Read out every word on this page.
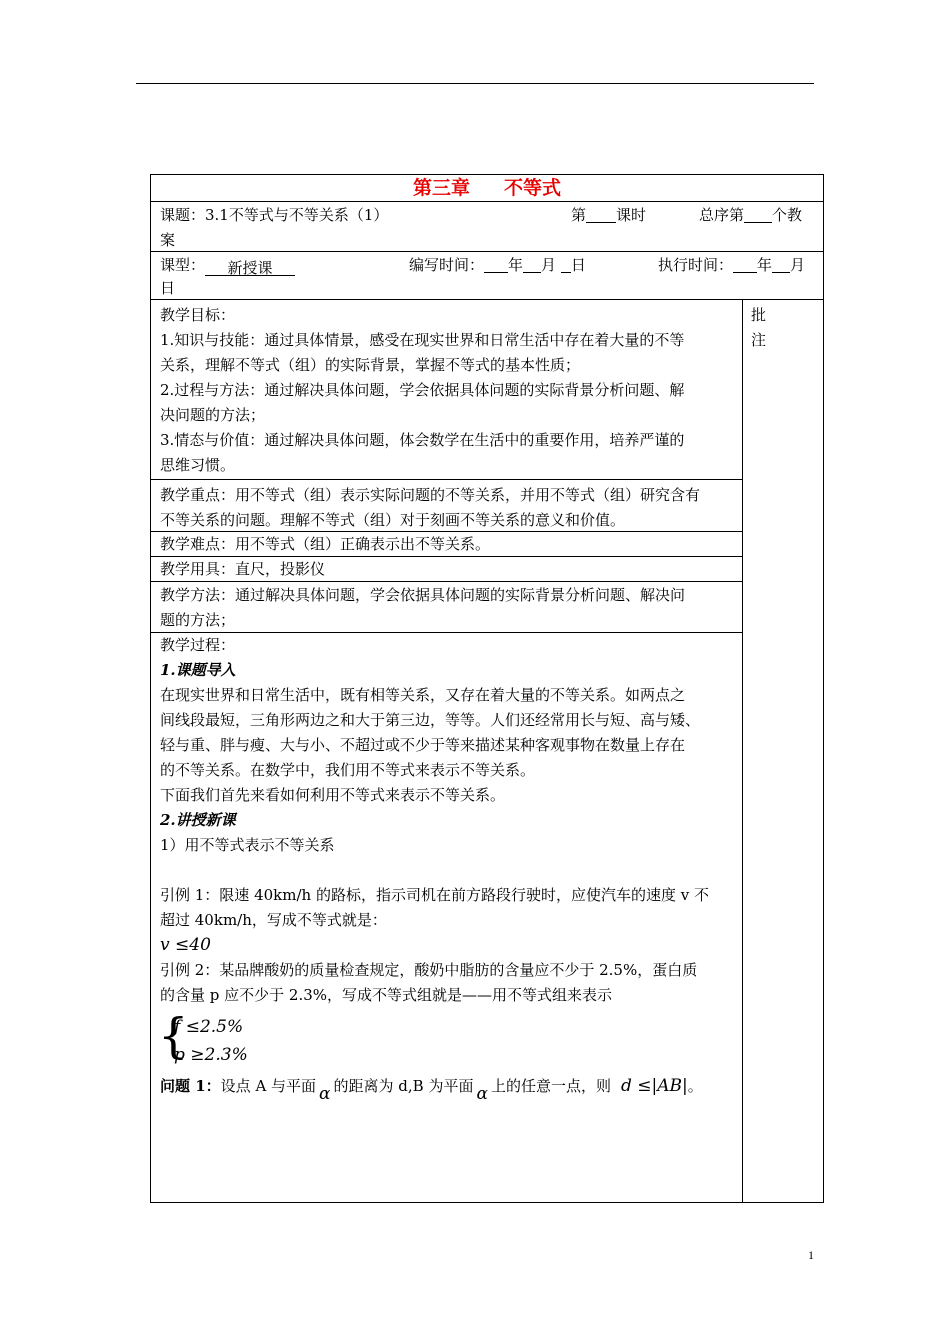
第三章 不等式
课题：3.1不等式与不等关系（1）	第 课时	总序第 个教
案
课型： 新授课	编写时间： 年 月 日	执行时间： 年 月
日
批
注
教学目标：
1.知识与技能：通过具体情景，感受在现实世界和日常生活中存在着大量的不等
关系，理解不等式（组）的实际背景，掌握不等式的基本性质；
2.过程与方法：通过解决具体问题，学会依据具体问题的实际背景分析问题、解
决问题的方法；
3.情态与价值：通过解决具体问题，体会数学在生活中的重要作用，培养严谨的
思维习惯。
教学重点：用不等式（组）表示实际问题的不等关系，并用不等式（组）研究含有
不等关系的问题。理解不等式（组）对于刻画不等关系的意义和价值。
教学难点：用不等式（组）正确表示出不等关系。
教学用具：直尺，投影仪
教学方法：通过解决具体问题，学会依据具体问题的实际背景分析问题、解决问
题的方法；
教学过程：
1.课题导入
在现实世界和日常生活中，既有相等关系，又存在着大量的不等关系。如两点之
间线段最短，三角形两边之和大于第三边，等等。人们还经常用长与短、高与矮、
轻与重、胖与瘦、大与小、不超过或不少于等来描述某种客观事物在数量上存在
的不等关系。在数学中，我们用不等式来表示不等关系。
下面我们首先来看如何利用不等式来表示不等关系。
2.讲授新课
1）用不等式表示不等关系
引例 1：限速 40km/h 的路标，指示司机在前方路段行驶时，应使汽车的速度 v 不
超过 40km/h，写成不等式就是：
v ≤40
引例 2：某品牌酸奶的质量检查规定，酸奶中脂肪的含量应不少于 2.5%，蛋白质
的含量 p 应不少于 2.3%，写成不等式组就是——用不等式组来表示
{
f ≤2.5%
p ≥2.3%
问题 1：设点 A 与平面 α 的距离为 d,B 为平面 α 上的任意一点，则 d ≤|AB|。
1
